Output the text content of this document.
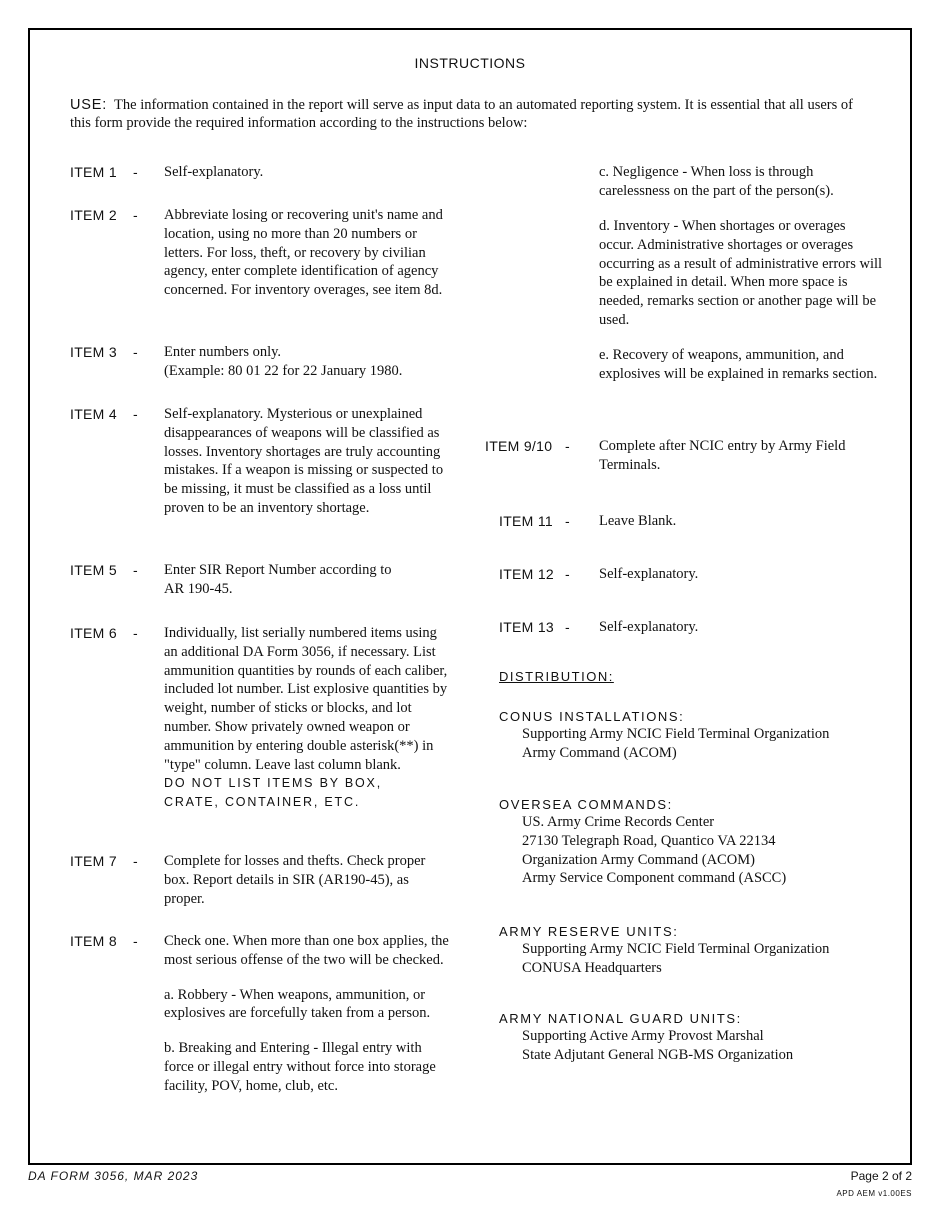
INSTRUCTIONS
USE: The information contained in the report will serve as input data to an automated reporting system. It is essential that all users of this form provide the required information according to the instructions below:
ITEM 1 - Self-explanatory.
ITEM 2 - Abbreviate losing or recovering unit's name and location, using no more than 20 numbers or letters. For loss, theft, or recovery by civilian agency, enter complete identification of agency concerned. For inventory overages, see item 8d.
ITEM 3 - Enter numbers only.
(Example: 80 01 22 for 22 January 1980.
ITEM 4 - Self-explanatory. Mysterious or unexplained disappearances of weapons will be classified as losses. Inventory shortages are truly accounting mistakes. If a weapon is missing or suspected to be missing, it must be classified as a loss until proven to be an inventory shortage.
ITEM 5 - Enter SIR Report Number according to
AR 190-45.
ITEM 6 - Individually, list serially numbered items using an additional DA Form 3056, if necessary. List ammunition quantities by rounds of each caliber, included lot number. List explosive quantities by weight, number of sticks or blocks, and lot number. Show privately owned weapon or ammunition by entering double asterisk(**) in "type" column. Leave last column blank.
DO NOT LIST ITEMS BY BOX,
CRATE, CONTAINER, ETC.
ITEM 7 - Complete for losses and thefts. Check proper box. Report details in SIR (AR190-45), as proper.
ITEM 8 - Check one. When more than one box applies, the most serious offense of the two will be checked.
a. Robbery - When weapons, ammunition, or explosives are forcefully taken from a person.
b. Breaking and Entering - Illegal entry with force or illegal entry without force into storage facility, POV, home, club, etc.
c. Negligence - When loss is through carelessness on the part of the person(s).
d. Inventory - When shortages or overages occur. Administrative shortages or overages occurring as a result of administrative errors will be explained in detail. When more space is needed, remarks section or another page will be used.
e. Recovery of weapons, ammunition, and explosives will be explained in remarks section.
ITEM 9/10 - Complete after NCIC entry by Army Field Terminals.
ITEM 11 - Leave Blank.
ITEM 12 - Self-explanatory.
ITEM 13 - Self-explanatory.
DISTRIBUTION:
CONUS INSTALLATIONS:
Supporting Army NCIC Field Terminal Organization
Army Command (ACOM)
OVERSEA COMMANDS:
US. Army Crime Records Center
27130 Telegraph Road, Quantico VA 22134
Organization Army Command (ACOM)
Army Service Component command (ASCC)
ARMY RESERVE UNITS:
Supporting Army NCIC Field Terminal Organization
CONUSA Headquarters
ARMY NATIONAL GUARD UNITS:
Supporting Active Army Provost Marshal
State Adjutant General NGB-MS Organization
DA FORM 3056, MAR 2023	Page 2 of 2
APD AEM v1.00ES
